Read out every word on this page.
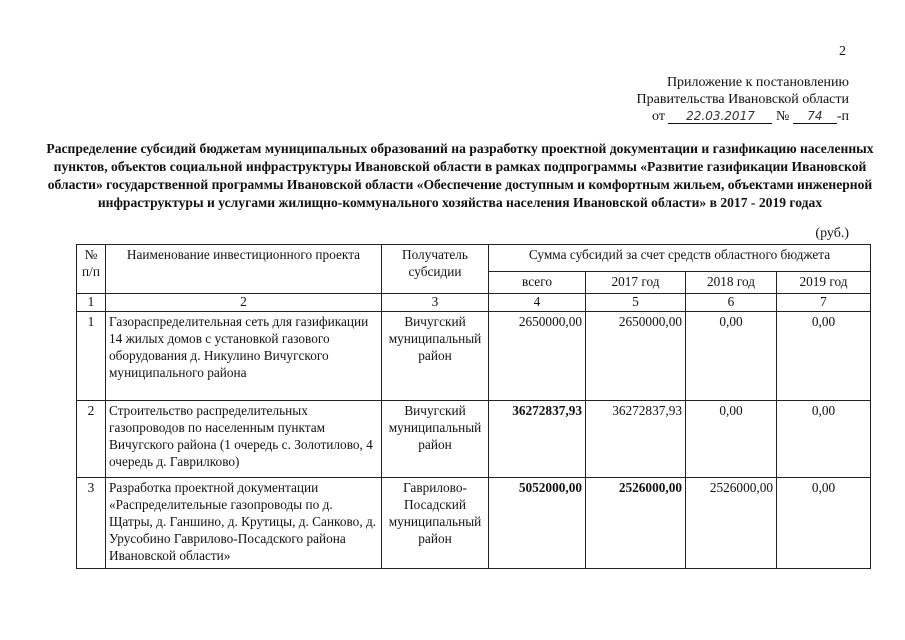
2
Приложение к постановлению
Правительства Ивановской области
от 22.03.2017 № 74 -п
Распределение субсидий бюджетам муниципальных образований на разработку проектной документации и газификацию населенных пунктов, объектов социальной инфраструктуры Ивановской области в рамках подпрограммы «Развитие газификации Ивановской области» государственной программы Ивановской области «Обеспечение доступным и комфортным жильем, объектами инженерной инфраструктуры и услугами жилищно-коммунального хозяйства населения Ивановской области» в 2017 - 2019 годах
(руб.)
№ п/п	Наименование инвестиционного проекта	Получатель субсидии	Сумма субсидий за счет средств областного бюджета			
			всего	2017 год	2018 год	2019 год
1	2	3	4	5	6	7
1	Газораспределительная сеть для газификации 14 жилых домов с установкой газового оборудования д. Никулино Вичугского муниципального района	Вичугский муниципальный район	2650000,00	2650000,00	0,00	0,00
2	Строительство распределительных газопроводов по населенным пунктам Вичугского района (1 очередь с. Золотилово, 4 очередь д. Гаврилково)	Вичугский муниципальный район	36272837,93	36272837,93	0,00	0,00
3	Разработка проектной документации «Распределительные газопроводы по д. Щатры, д. Ганшино, д. Крутицы, д. Санково, д. Урусобино Гаврилово-Посадского района Ивановской области»	Гаврилово-Посадский муниципальный район	5052000,00	2526000,00	2526000,00	0,00
